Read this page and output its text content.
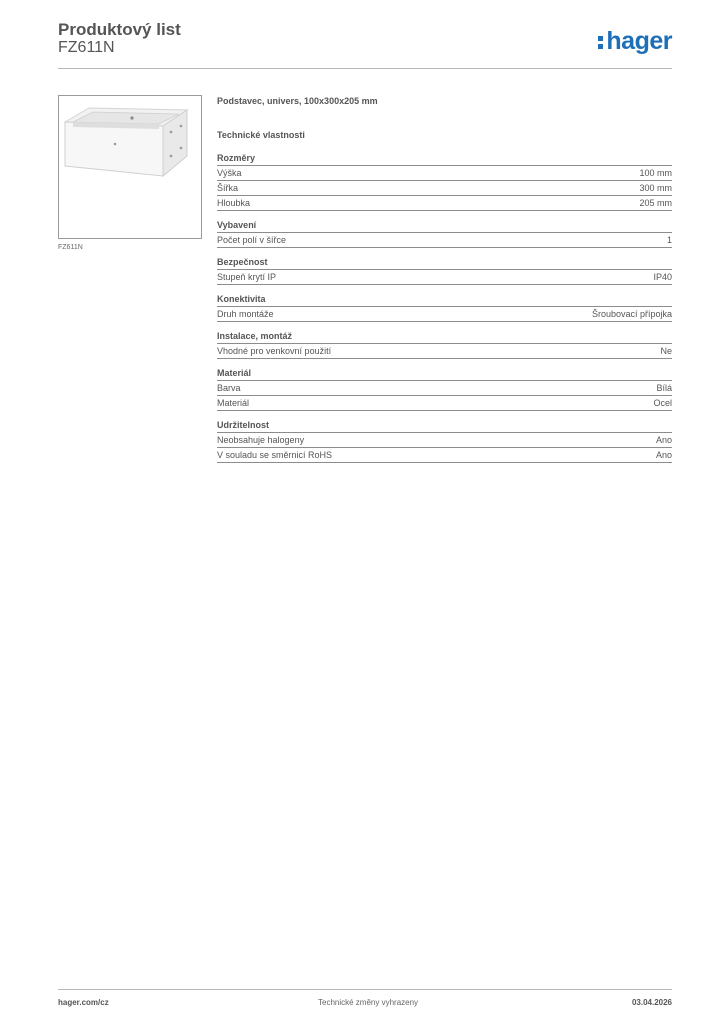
Produktový list
FZ611N	hager
FZ611N
Podstavec, univers, 100x300x205 mm
Technické vlastnosti
Rozměry
Výška	100 mm
Šířka	300 mm
Hloubka	205 mm
Vybavení
Počet polí v šířce	1
Bezpečnost
Stupeň krytí IP	IP40
Konektivita
Druh montáže	Šroubovací přípojka
Instalace, montáž
Vhodné pro venkovní použití	Ne
Materiál
Barva	Bílá
Materiál	Ocel
Udržitelnost
Neobsahuje halogeny	Ano
V souladu se směrnicí RoHS	Ano
hager.com/cz	Technické změny vyhrazeny	03.04.2026
